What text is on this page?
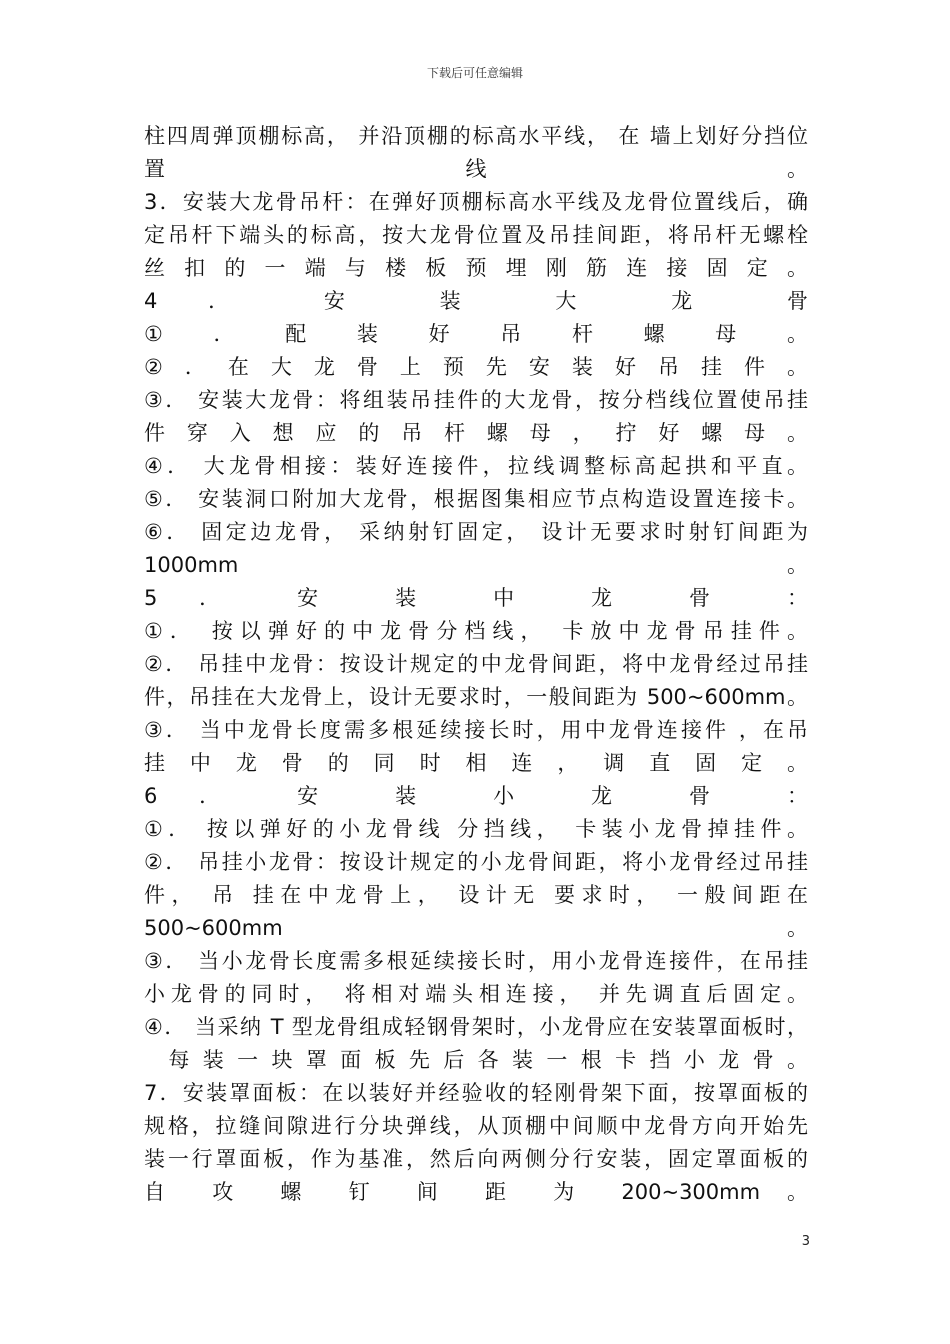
下载后可任意编辑
柱四周弹顶棚标高， 并沿顶棚的标高水平线， 在 墙上划好分挡位
置 线 。
3．安装大龙骨吊杆：在弹好顶棚标高水平线及龙骨位置线后，确
定吊杆下端头的标高，按大龙骨位置及吊挂间距，将吊杆无螺栓
丝 扣 的 一 端 与 楼 板 预 埋 刚 筋 连 接 固 定 。
4 ． 安 装 大 龙 骨
① ． 配 装 好 吊 杆 螺 母 。
② ． 在 大 龙 骨 上 预 先 安 装 好 吊 挂 件 。
③． 安装大龙骨：将组装吊挂件的大龙骨，按分档线位置使吊挂
件 穿 入 想 应 的 吊 杆 螺 母 ， 拧 好 螺 母 。
④． 大龙骨相接：装好连接件，拉线调整标高起拱和平直。
⑤． 安装洞口附加大龙骨，根据图集相应节点构造设置连接卡。
⑥． 固定边龙骨， 采纳射钉固定， 设计无要求时射钉间距为
1000mm 。
5 ． 安 装 中 龙 骨 ：
①． 按以弹好的中龙骨分档线， 卡放中龙骨吊挂件。
②． 吊挂中龙骨：按设计规定的中龙骨间距，将中龙骨经过吊挂
件，吊挂在大龙骨上，设计无要求时，一般间距为 500~600mm。
③． 当中龙骨长度需多根延续接长时，用中龙骨连接件 ，在吊
挂 中 龙 骨 的 同 时 相 连 ， 调 直 固 定 。
6 ． 安 装 小 龙 骨 ：
①． 按以弹好的小龙骨线 分挡线， 卡装小龙骨掉挂件。
②． 吊挂小龙骨：按设计规定的小龙骨间距，将小龙骨经过吊挂
件， 吊 挂在中龙骨上， 设计无 要求时， 一般间距在
500~600mm 。
③． 当小龙骨长度需多根延续接长时，用小龙骨连接件，在吊挂
小龙骨的同时， 将相对端头相连接， 并先调直后固定。
④． 当采纳 T 型龙骨组成轻钢骨架时，小龙骨应在安装罩面板时，
　每 装 一 块 罩 面 板 先 后 各 装 一 根 卡 挡 小 龙 骨 。
7．安装罩面板：在以装好并经验收的轻刚骨架下面，按罩面板的
规格，拉缝间隙进行分块弹线，从顶棚中间顺中龙骨方向开始先
装一行罩面板，作为基准，然后向两侧分行安装，固定罩面板的
自 攻 螺 钉 间 距 为 200~300mm 。
3
